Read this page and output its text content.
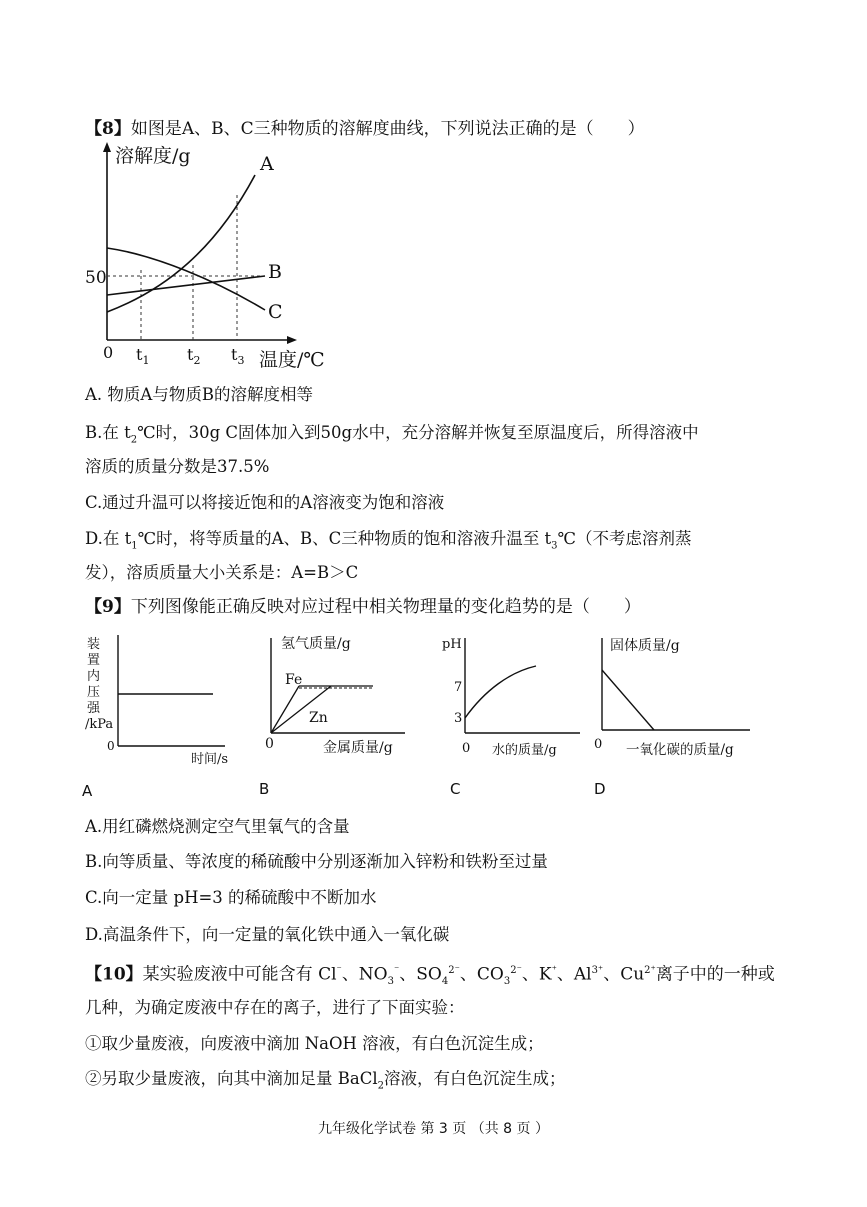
【8】如图是A、B、C三种物质的溶解度曲线，下列说法正确的是（　　）
溶解度/g
温度/℃
0
50
$t_1$ $t_2$ $t_3$
A
B
C
A. 物质A与物质B的溶解度相等
B.在 $t_2℃$时，30g C固体加入到50g水中，充分溶解并恢复至原温度后，所得溶液中
溶质的质量分数是37.5%
C.通过升温可以将接近饱和的A溶液变为饱和溶液
D.在 $t_1℃$时，将等质量的A、B、C三种物质的饱和溶液升温至 $t_3℃$（不考虑溶剂蒸
发），溶质质量大小关系是：A=B＞C
【9】下列图像能正确反映对应过程中相关物理量的变化趋势的是（　　）
装 置 内 压 强 /kPa
0
时间/s
氢气质量/g
Fe
Zn
0	金属质量/g
pH
7
3
0 水的质量/g
固体质量/g
0 一氧化碳的质量/g
A	B	C	D
A.用红磷燃烧测定空气里氧气的含量
B.向等质量、等浓度的稀硫酸中分别逐渐加入锌粉和铁粉至过量
C.向一定量 pH=3 的稀硫酸中不断加水
D.高温条件下，向一定量的氧化铁中通入一氧化碳
【10】某实验废液中可能含有 Cl⁻、$NO_3^{^-}$、$SO_4^{2^-}$、$CO_3^{2^-}$、K⁺、$Al^{3^+}$、$Cu^{2^+}$离子中的一种或
几种，为确定废液中存在的离子，进行了下面实验：
①取少量废液，向废液中滴加 NaOH 溶液，有白色沉淀生成；
②另取少量废液，向其中滴加足量 BaCl$_2$溶液，有白色沉淀生成；
九年级化学试卷 第 3 页 （共 8 页 ）
